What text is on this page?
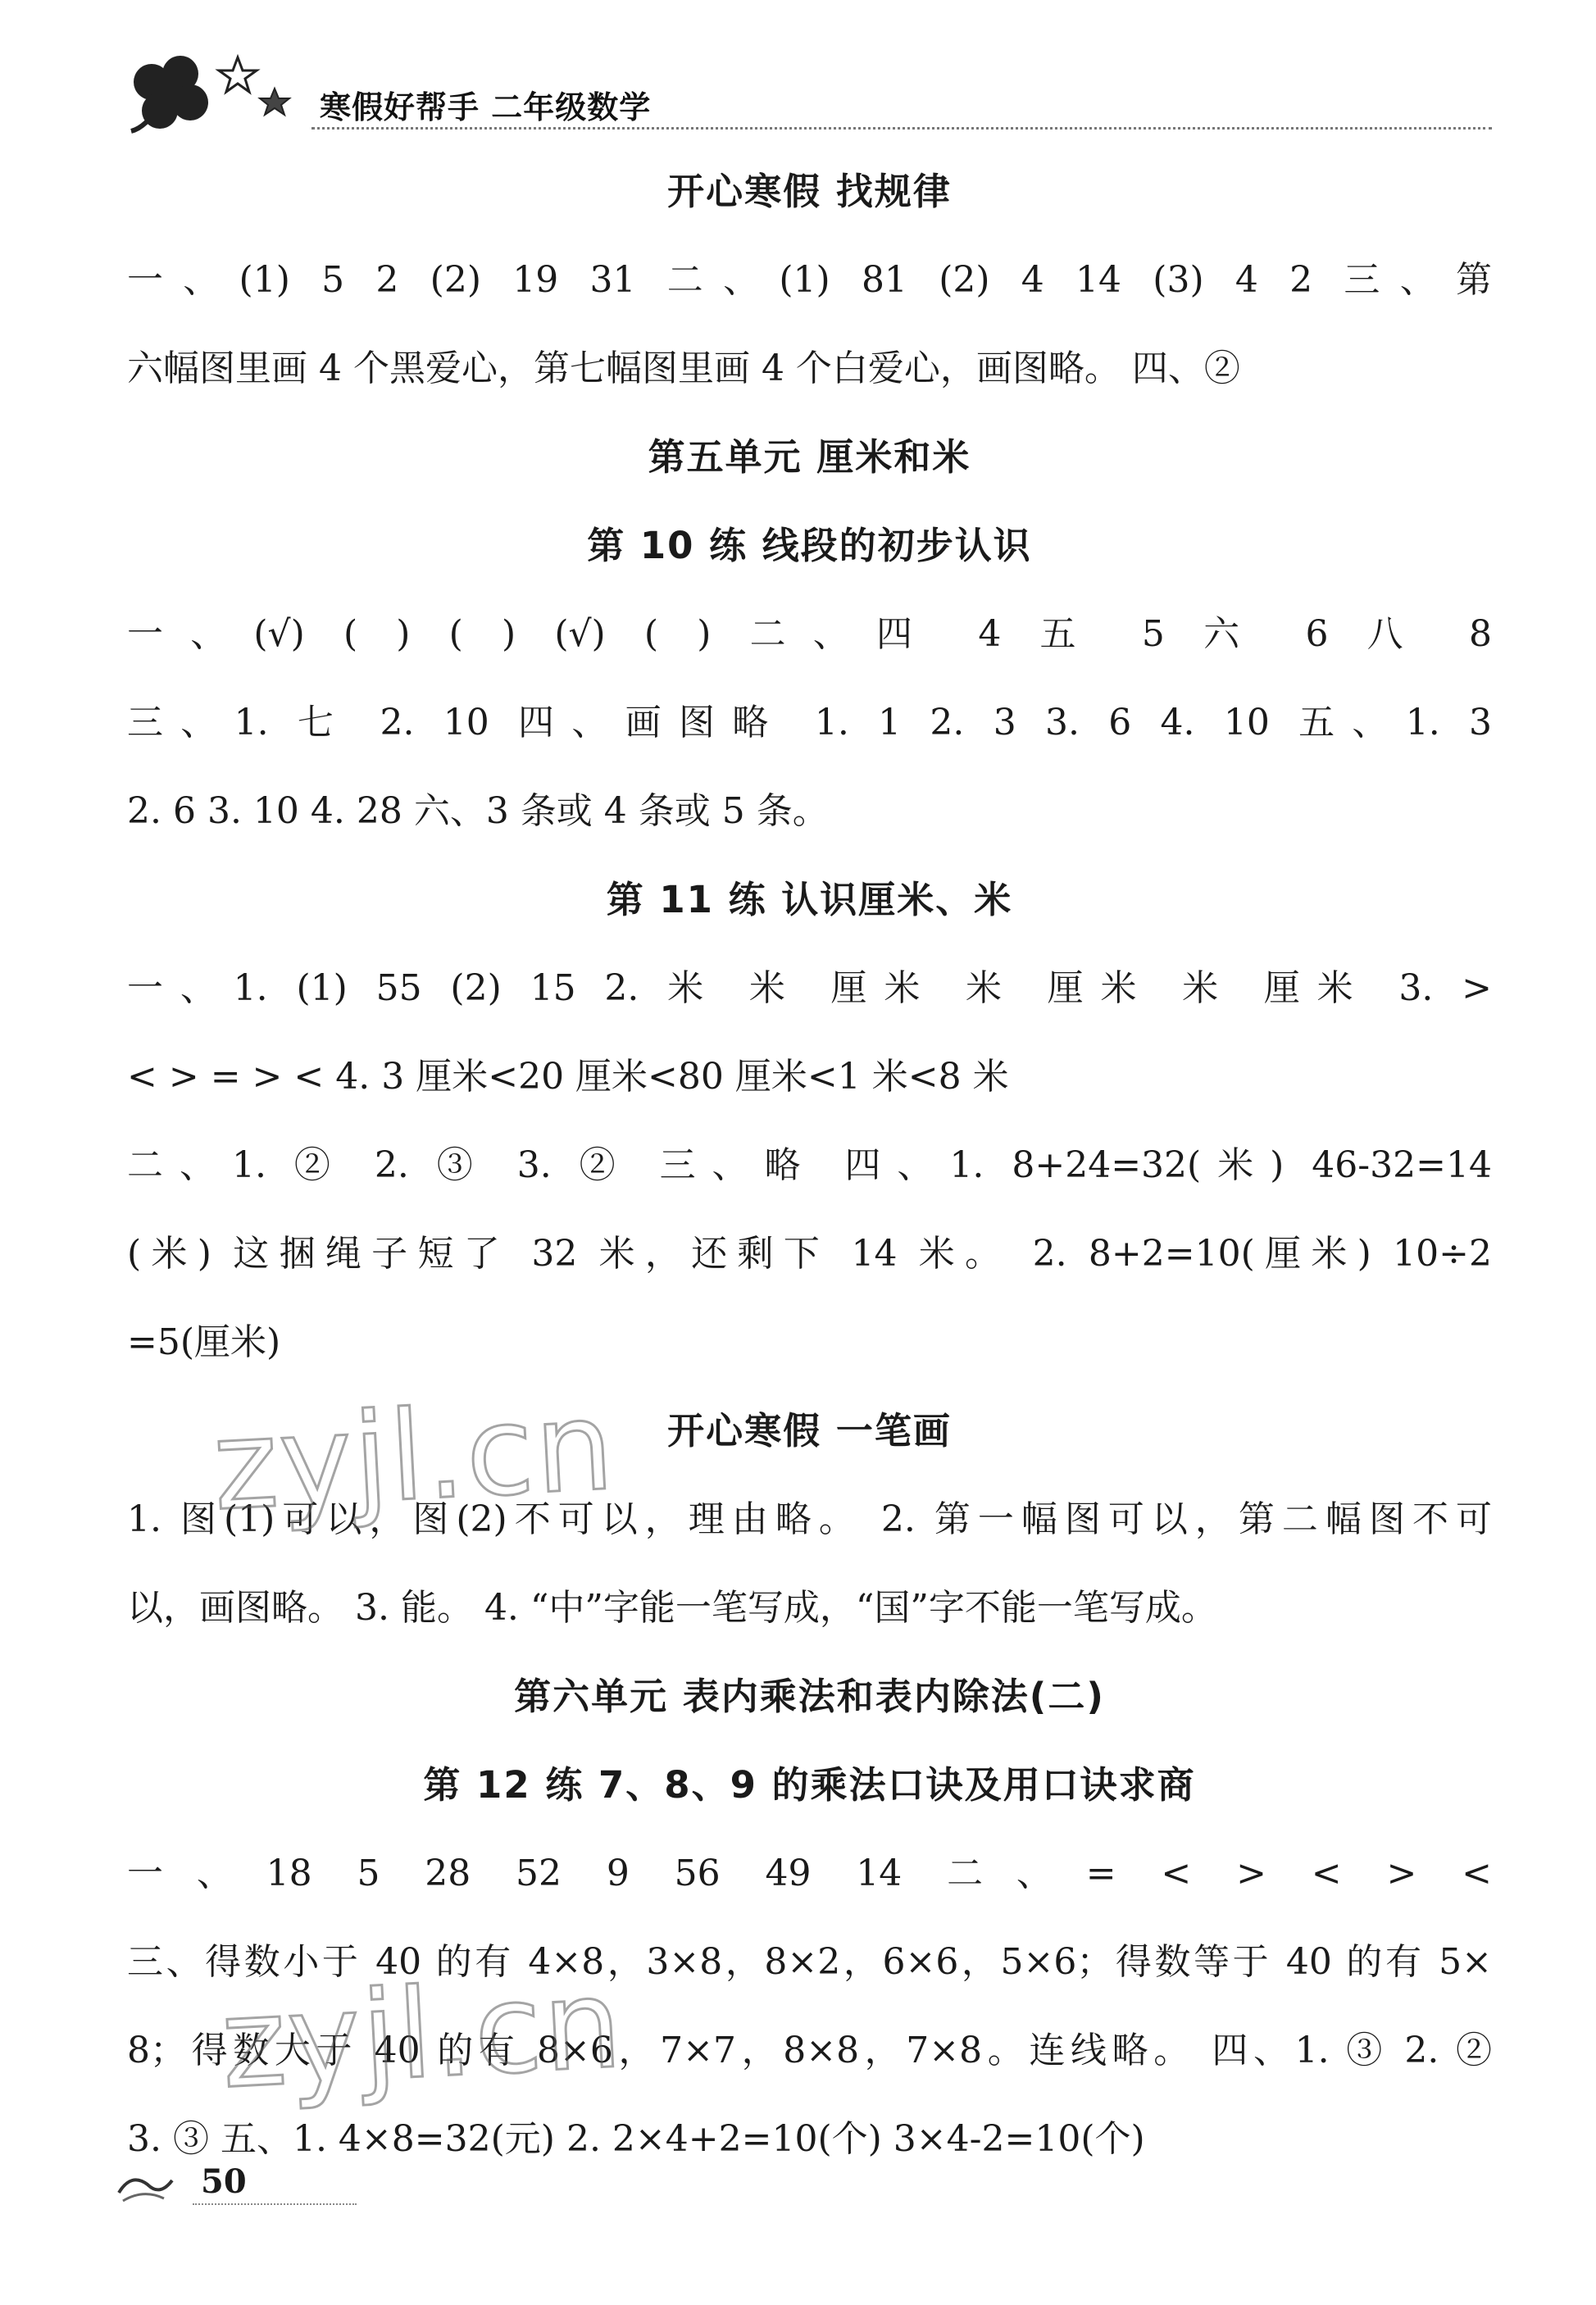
寒假好帮手 二年级数学
开心寒假 找规律
一、(1) 5 2 (2) 19 31 二、(1) 81 (2) 4 14 (3) 4 2 三、第
六幅图里画 4 个黑爱心，第七幅图里画 4 个白爱心，画图略。 四、②
第五单元 厘米和米
第 10 练 线段的初步认识
一、(√) ( ) ( ) (√) ( ) 二、四 4 五 5 六 6 八 8
三、1. 七 2. 10 四、画图略 1. 1 2. 3 3. 6 4. 10 五、1. 3
2. 6 3. 10 4. 28 六、3 条或 4 条或 5 条。
第 11 练 认识厘米、米
一、1. (1) 55 (2) 15 2. 米 米 厘米 米 厘米 米 厘米 3. >
< > = > < 4. 3 厘米<20 厘米<80 厘米<1 米<8 米
二、1. ② 2. ③ 3. ② 三、略 四、1. 8+24=32(米) 46-32=14
(米) 这捆绳子短了 32 米，还剩下 14 米。 2. 8+2=10(厘米) 10÷2
=5(厘米)
开心寒假 一笔画
1. 图(1)可以，图(2)不可以，理由略。 2. 第一幅图可以，第二幅图不可
以，画图略。 3. 能。 4. “中”字能一笔写成，“国”字不能一笔写成。
第六单元 表内乘法和表内除法(二)
第 12 练 7、8、9 的乘法口诀及用口诀求商
一、18 5 28 52 9 56 49 14 二、= < > < > <
三、得数小于 40 的有 4×8，3×8，8×2，6×6，5×6；得数等于 40 的有 5×
8；得数大于 40 的有 8×6，7×7，8×8，7×8。连线略。 四、1. ③ 2. ②
3. ③ 五、1. 4×8=32(元) 2. 2×4+2=10(个) 3×4-2=10(个)
zyjl.cn
zyjl.cn
50
